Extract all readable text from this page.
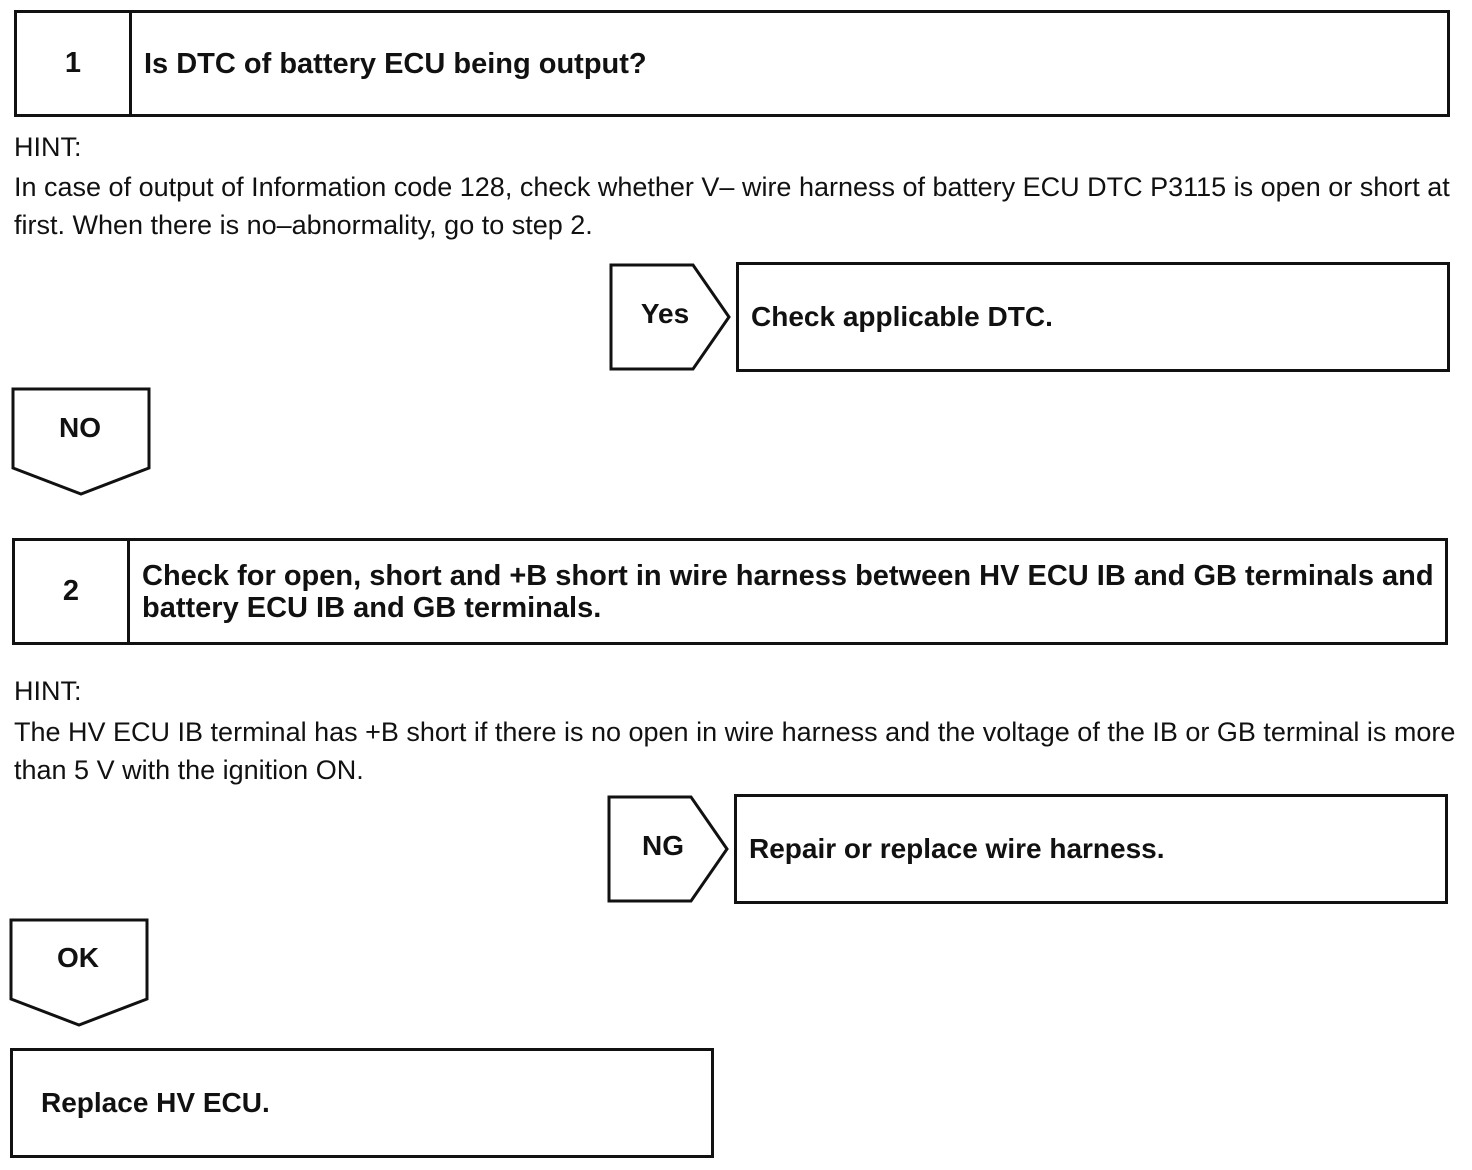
1	Is DTC of battery ECU being output?
HINT:
In case of output of Information code 128, check whether V– wire harness of battery ECU DTC P3115 is open or short at first. When there is no–abnormality, go to step 2.
Yes	Check applicable DTC.
NO
2	Check for open, short and +B short in wire harness between HV ECU IB and GB terminals and battery ECU IB and GB terminals.
HINT:
The HV ECU IB terminal has +B short if there is no open in wire harness and the voltage of the IB or GB terminal is more than 5 V with the ignition ON.
NG	Repair or replace wire harness.
OK
Replace HV ECU.
